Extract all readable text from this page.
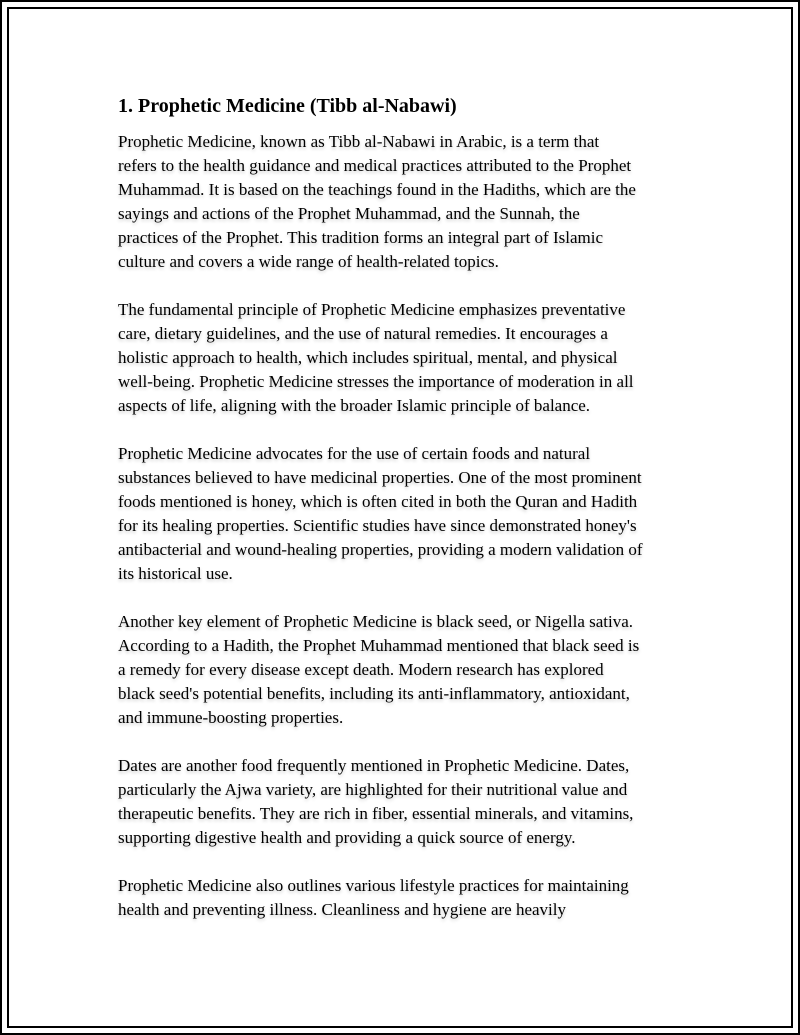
1. Prophetic Medicine (Tibb al-Nabawi)

Prophetic Medicine, known as Tibb al-Nabawi in Arabic, is a term that
refers to the health guidance and medical practices attributed to the Prophet
Muhammad. It is based on the teachings found in the Hadiths, which are the
sayings and actions of the Prophet Muhammad, and the Sunnah, the
practices of the Prophet. This tradition forms an integral part of Islamic
culture and covers a wide range of health-related topics.

The fundamental principle of Prophetic Medicine emphasizes preventative
care, dietary guidelines, and the use of natural remedies. It encourages a
holistic approach to health, which includes spiritual, mental, and physical
well-being. Prophetic Medicine stresses the importance of moderation in all
aspects of life, aligning with the broader Islamic principle of balance.

Prophetic Medicine advocates for the use of certain foods and natural
substances believed to have medicinal properties. One of the most prominent
foods mentioned is honey, which is often cited in both the Quran and Hadith
for its healing properties. Scientific studies have since demonstrated honey's
antibacterial and wound-healing properties, providing a modern validation of
its historical use.

Another key element of Prophetic Medicine is black seed, or Nigella sativa.
According to a Hadith, the Prophet Muhammad mentioned that black seed is
a remedy for every disease except death. Modern research has explored
black seed's potential benefits, including its anti-inflammatory, antioxidant,
and immune-boosting properties.

Dates are another food frequently mentioned in Prophetic Medicine. Dates,
particularly the Ajwa variety, are highlighted for their nutritional value and
therapeutic benefits. They are rich in fiber, essential minerals, and vitamins,
supporting digestive health and providing a quick source of energy.

Prophetic Medicine also outlines various lifestyle practices for maintaining
health and preventing illness. Cleanliness and hygiene are heavily
